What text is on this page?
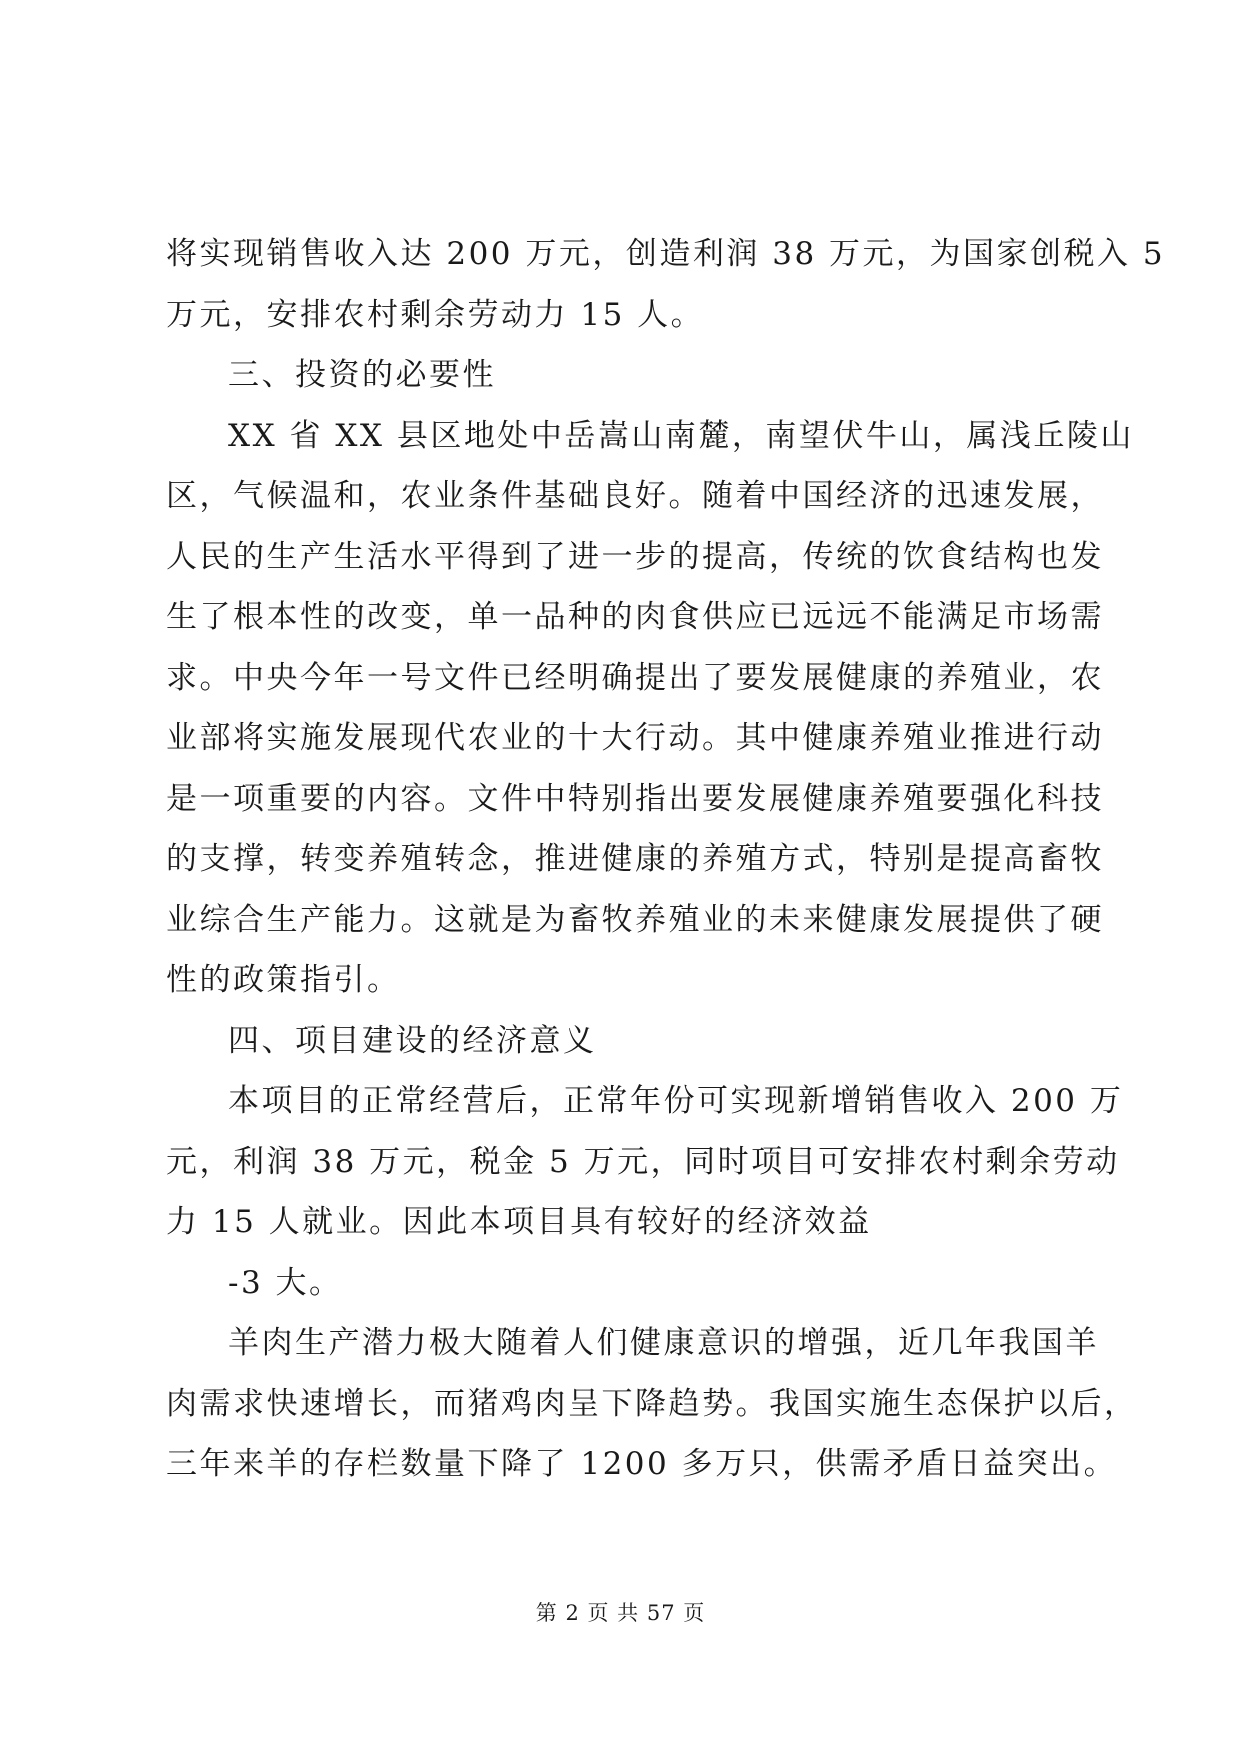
将实现销售收入达 200 万元，创造利润 38 万元，为国家创税入 5
万元，安排农村剩余劳动力 15 人。
三、投资的必要性
XX 省 XX 县区地处中岳嵩山南麓，南望伏牛山，属浅丘陵山
区，气候温和，农业条件基础良好。随着中国经济的迅速发展，
人民的生产生活水平得到了进一步的提高，传统的饮食结构也发
生了根本性的改变，单一品种的肉食供应已远远不能满足市场需
求。中央今年一号文件已经明确提出了要发展健康的养殖业，农
业部将实施发展现代农业的十大行动。其中健康养殖业推进行动
是一项重要的内容。文件中特别指出要发展健康养殖要强化科技
的支撑，转变养殖转念，推进健康的养殖方式，特别是提高畜牧
业综合生产能力。这就是为畜牧养殖业的未来健康发展提供了硬
性的政策指引。
四、项目建设的经济意义
本项目的正常经营后，正常年份可实现新增销售收入 200 万
元，利润 38 万元，税金 5 万元，同时项目可安排农村剩余劳动
力 15 人就业。因此本项目具有较好的经济效益
-3 大。
羊肉生产潜力极大随着人们健康意识的增强，近几年我国羊
肉需求快速增长，而猪鸡肉呈下降趋势。我国实施生态保护以后，
三年来羊的存栏数量下降了 1200 多万只，供需矛盾日益突出。
第 2 页 共 57 页
